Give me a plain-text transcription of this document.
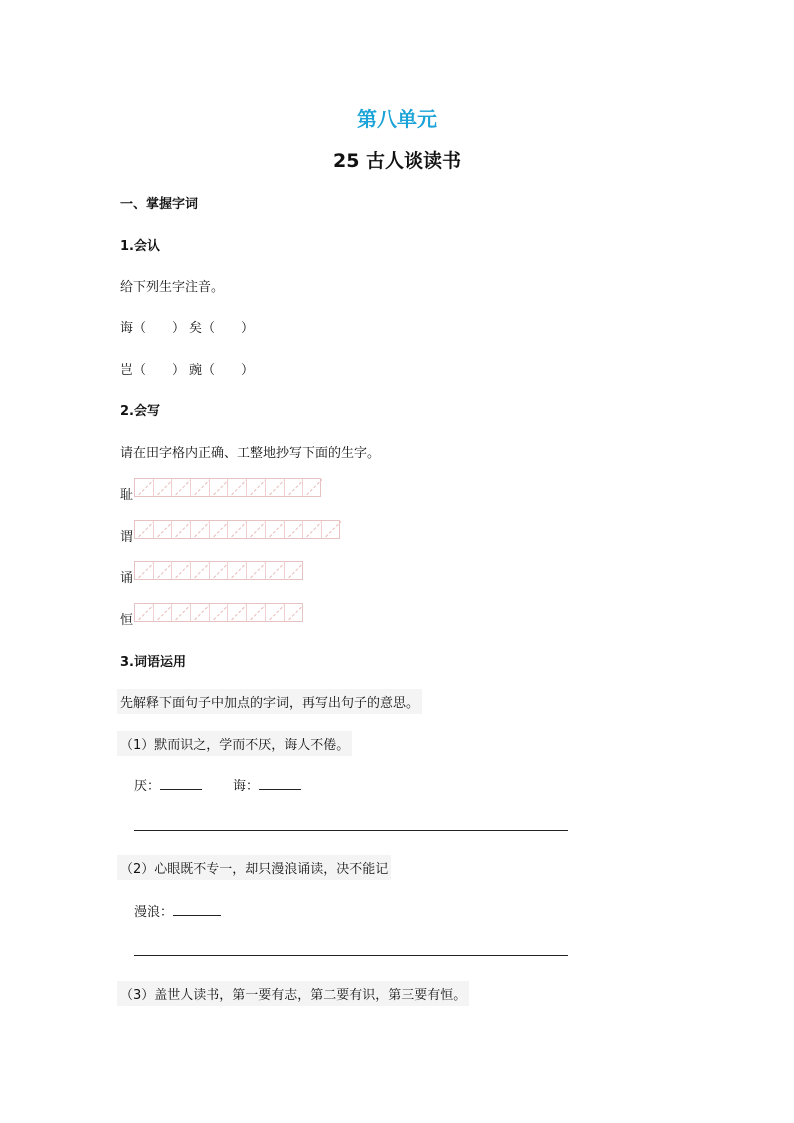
第八单元
25 古人谈读书
一、掌握字词
1.会认
给下列生字注音。
诲（　　） 矣（　　）
岂（　　） 豌（　　）
2.会写
请在田字格内正确、工整地抄写下面的生字。
耻
谓
诵
恒
3.词语运用
先解释下面句子中加点的字词，再写出句子的意思。
（1）默而识之，学而不厌，诲人不倦。
厌：	诲：
（2）心眼既不专一，却只漫浪诵读，决不能记
漫浪：
（3）盖世人读书，第一要有志，第二要有识，第三要有恒。
